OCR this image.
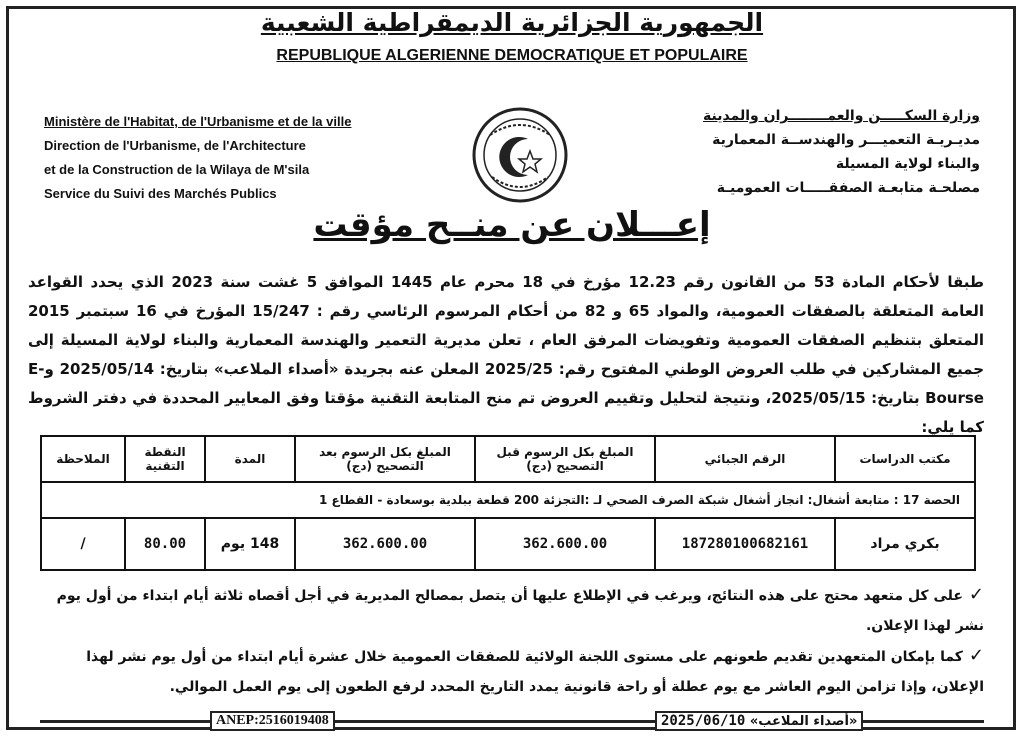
الجمهورية الجزائرية الديمقراطية الشعبية
REPUBLIQUE ALGERIENNE DEMOCRATIQUE ET POPULAIRE
Ministère de l'Habitat, de l'Urbanisme et de la ville
Direction de l'Urbanisme, de l'Architecture
et de la Construction de la Wilaya de M'sila
Service du Suivi des Marchés Publics
وزارة السكـــــن والعمــــــــران والمدينة
مديـريـة التعميـــر والهندســة المعمارية
والبناء لولاية المسيلة
مصلحـة متابعـة الصفقـــــات العموميـة
إعـــلان عن منــح مؤقت
طبقا لأحكام المادة 53 من القانون رقم 12.23 مؤرخ في 18 محرم عام 1445 الموافق 5 غشت سنة 2023 الذي يحدد القواعد العامة المتعلقة بالصفقات العمومية، والمواد 65 و 82 من أحكام المرسوم الرئاسي رقم : 15/247 المؤرخ في 16 سبتمبر 2015 المتعلق بتنظيم الصفقات العمومية وتفويضات المرفق العام ، تعلن مديرية التعمير والهندسة المعمارية والبناء لولاية المسيلة إلى جميع المشاركين في طلب العروض الوطني المفتوح رقم: 2025/25 المعلن عنه بجريدة «أصداء الملاعب» بتاريخ: 2025/05/14 وE-Bourse بتاريخ: 2025/05/15، ونتيجة لتحليل وتقييم العروض تم منح المتابعة التقنية مؤقتا وفق المعايير المحددة في دفتر الشروط كما يلي:
مكتب الدراسات	الرقم الجبائي	المبلغ بكل الرسوم قبل التصحيح (دج)	المبلغ بكل الرسوم بعد التصحيح (دج)	المدة	النقطة التقنية	الملاحظة
الحصة 17 : متابعة أشغال: انجاز أشغال شبكة الصرف الصحي لـ :التجزئة 200 قطعة ببلدية بوسعادة - القطاع 1						
بكري مراد	187280100682161	362.600.00	362.600.00	148 يوم	80.00	/
✓على كل متعهد محتج على هذه النتائج، ويرغب في الإطلاع عليها أن يتصل بمصالح المديرية في أجل أقصاه ثلاثة أيام ابتداء من أول يوم نشر لهذا الإعلان.
✓كما بإمكان المتعهدين تقديم طعونهم على مستوى اللجنة الولائية للصفقات العمومية خلال عشرة أيام ابتداء من أول يوم نشر لهذا الإعلان، وإذا تزامن اليوم العاشر مع يوم عطلة أو راحة قانونية يمدد التاريخ المحدد لرفع الطعون إلى يوم العمل الموالي.
ANEP:2516019408	«أصداء الملاعب» 2025/06/10
